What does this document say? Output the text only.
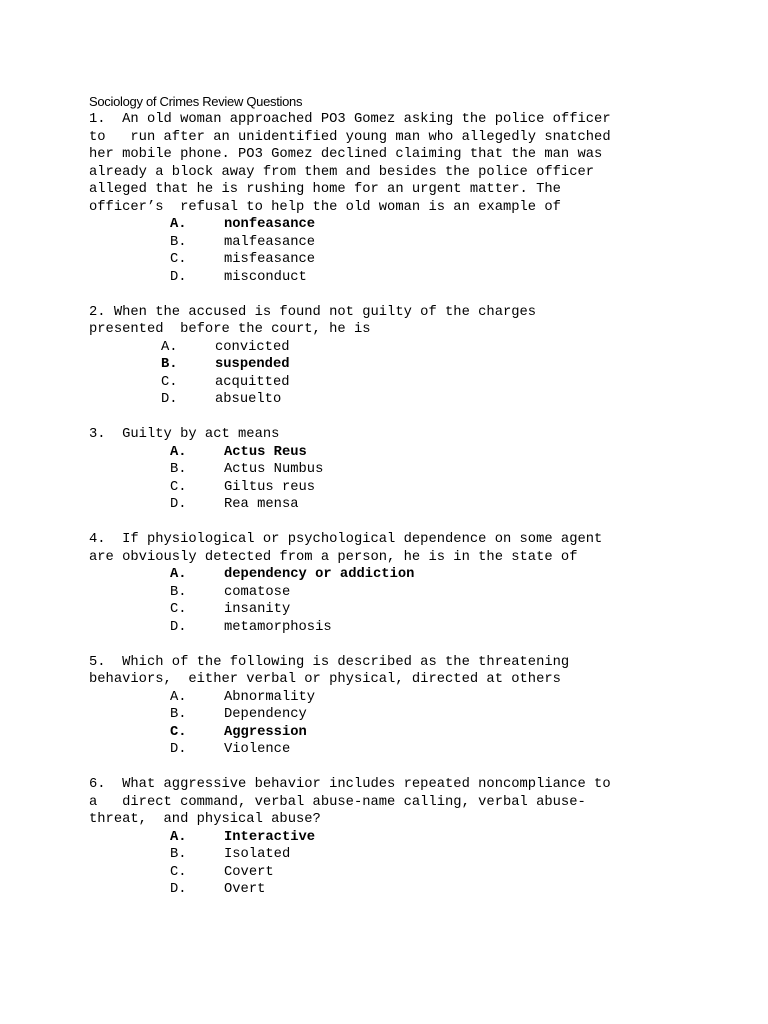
Sociology of Crimes Review Questions
1.  An old woman approached PO3 Gomez asking the police officer
to   run after an unidentified young man who allegedly snatched
her mobile phone. PO3 Gomez declined claiming that the man was
already a block away from them and besides the police officer
alleged that he is rushing home for an urgent matter. The
officer’s  refusal to help the old woman is an example of
A.	nonfeasance
B.	malfeasance
C.	misfeasance
D.	misconduct
2. When the accused is found not guilty of the charges
presented  before the court, he is
A.	convicted
B.	suspended
C.	acquitted
D.	absuelto
3.  Guilty by act means
A.	Actus Reus
B.	Actus Numbus
C.	Giltus reus
D.	Rea mensa
4.  If physiological or psychological dependence on some agent
are obviously detected from a person, he is in the state of
A.	dependency or addiction
B.	comatose
C.	insanity
D.	metamorphosis
5.  Which of the following is described as the threatening
behaviors,  either verbal or physical, directed at others
A.	Abnormality
B.	Dependency
C.	Aggression
D.	Violence
6.  What aggressive behavior includes repeated noncompliance to
a   direct command, verbal abuse-name calling, verbal abuse-
threat,  and physical abuse?
A.	Interactive
B.	Isolated
C.	Covert
D.	Overt
